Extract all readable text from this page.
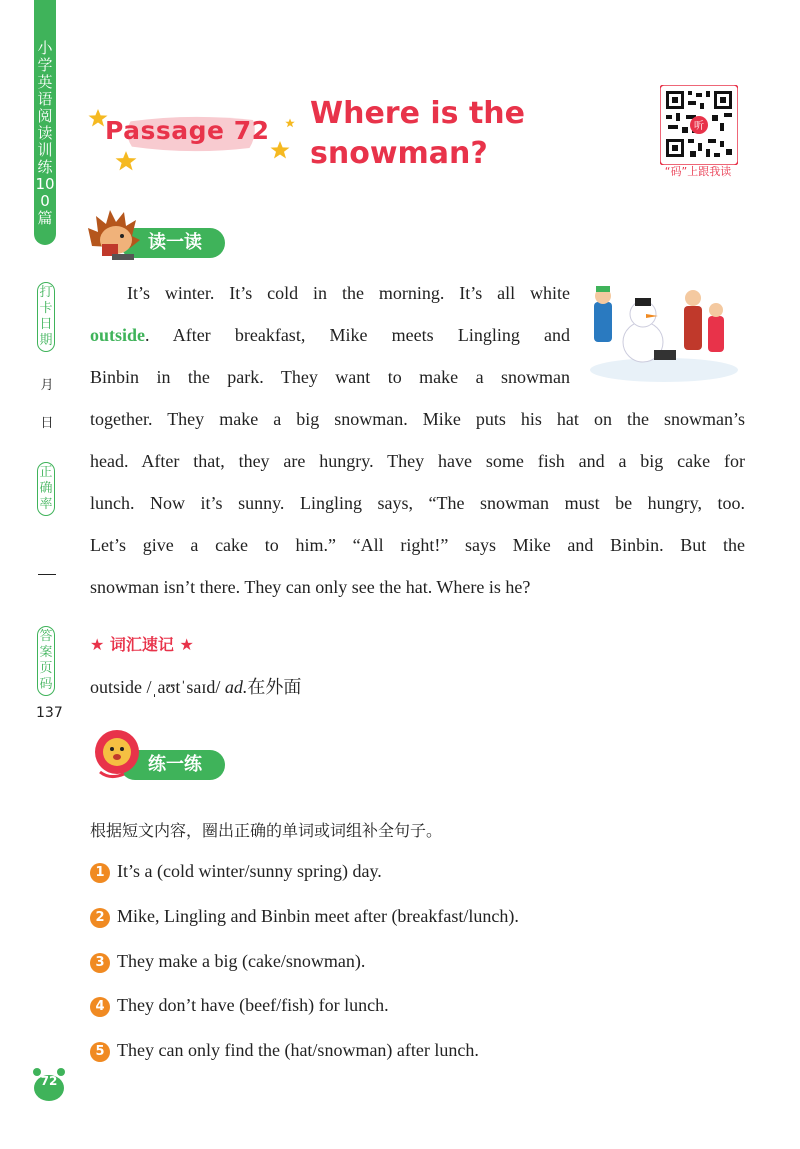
小学英语阅读训练100篇
打卡日期
月
日
正确率
答案页码
137
Passage 72 Where is the
snowman?
听
“码”上跟我读
读一读
It’s winter. It’s cold in the morning. It’s all white
outside. After breakfast, Mike meets Lingling and
Binbin in the park. They want to make a snowman
together. They make a big snowman. Mike puts his hat on the snowman’s
head. After that, they are hungry. They have some fish and a big cake for
lunch. Now it’s sunny. Lingling says, “The snowman must be hungry, too.
Let’s give a cake to him.” “All right!” says Mike and Binbin. But the
snowman isn’t there. They can only see the hat. Where is he?
★ 词汇速记 ★
outside /ˌaʊtˈsaɪd/ ad.在外面
练一练
根据短文内容，圈出正确的单词或词组补全句子。
1 It’s a (cold winter/sunny spring) day.
2 Mike, Lingling and Binbin meet after (breakfast/lunch).
3 They make a big (cake/snowman).
4 They don’t have (beef/fish) for lunch.
5 They can only find the (hat/snowman) after lunch.
72
